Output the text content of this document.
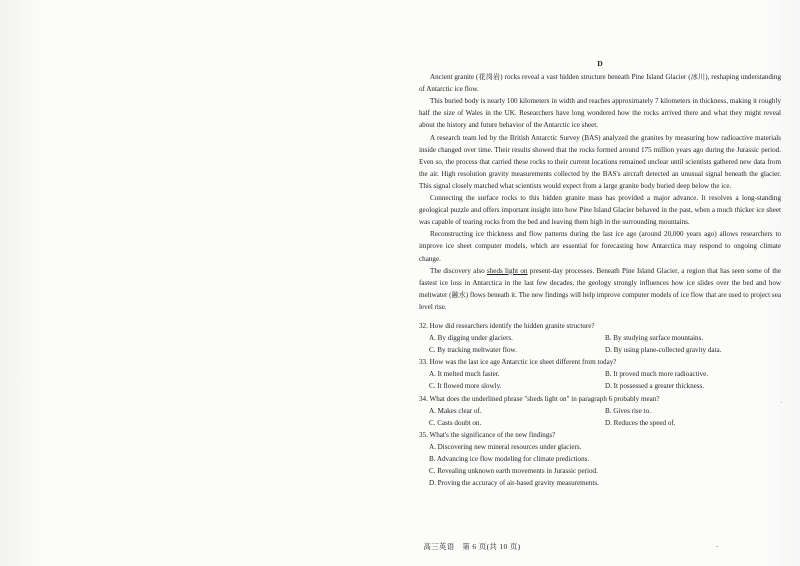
D

Ancient granite (花岗岩) rocks reveal a vast hidden structure beneath Pine Island Glacier (冰川), reshaping understanding of Antarctic ice flow.

This buried body is nearly 100 kilometers in width and reaches approximately 7 kilometers in thickness, making it roughly half the size of Wales in the UK. Researchers have long wondered how the rocks arrived there and what they might reveal about the history and future behavior of the Antarctic ice sheet.

A research team led by the British Antarctic Survey (BAS) analyzed the granites by measuring how radioactive materials inside changed over time. Their results showed that the rocks formed around 175 million years ago during the Jurassic period. Even so, the process that carried these rocks to their current locations remained unclear until scientists gathered new data from the air. High resolution gravity measurements collected by the BAS's aircraft detected an unusual signal beneath the glacier. This signal closely matched what scientists would expect from a large granite body buried deep below the ice.

Connecting the surface rocks to this hidden granite mass has provided a major advance. It resolves a long-standing geological puzzle and offers important insight into how Pine Island Glacier behaved in the past, when a much thicker ice sheet was capable of tearing rocks from the bed and leaving them high in the surrounding mountains.

Reconstructing ice thickness and flow patterns during the last ice age (around 20,000 years ago) allows researchers to improve ice sheet computer models, which are essential for forecasting how Antarctica may respond to ongoing climate change.

The discovery also sheds light on present-day processes. Beneath Pine Island Glacier, a region that has seen some of the fastest ice loss in Antarctica in the last few decades, the geology strongly influences how ice slides over the bed and how meltwater (融水) flows beneath it. The new findings will help improve computer models of ice flow that are used to project sea level rise.

32. How did researchers identify the hidden granite structure?

A. By digging under glaciers.	B. By studying surface mountains.
C. By tracking meltwater flow.	D. By using plane-collected gravity data.

33. How was the last ice age Antarctic ice sheet different from today?

A. It melted much faster.	B. It proved much more radioactive.
C. It flowed more slowly.	D. It possessed a greater thickness.

34. What does the underlined phrase "sheds light on" in paragraph 6 probably mean?

A. Makes clear of.	B. Gives rise to.
C. Casts doubt on.	D. Reduces the speed of.

35. What's the significance of the new findings?

A. Discovering new mineral resources under glaciers.
B. Advancing ice flow modeling for climate predictions.
C. Revealing unknown earth movements in Jurassic period.
D. Proving the accuracy of air-based gravity measurements.
高三英语　第 6 页(共 10 页)
